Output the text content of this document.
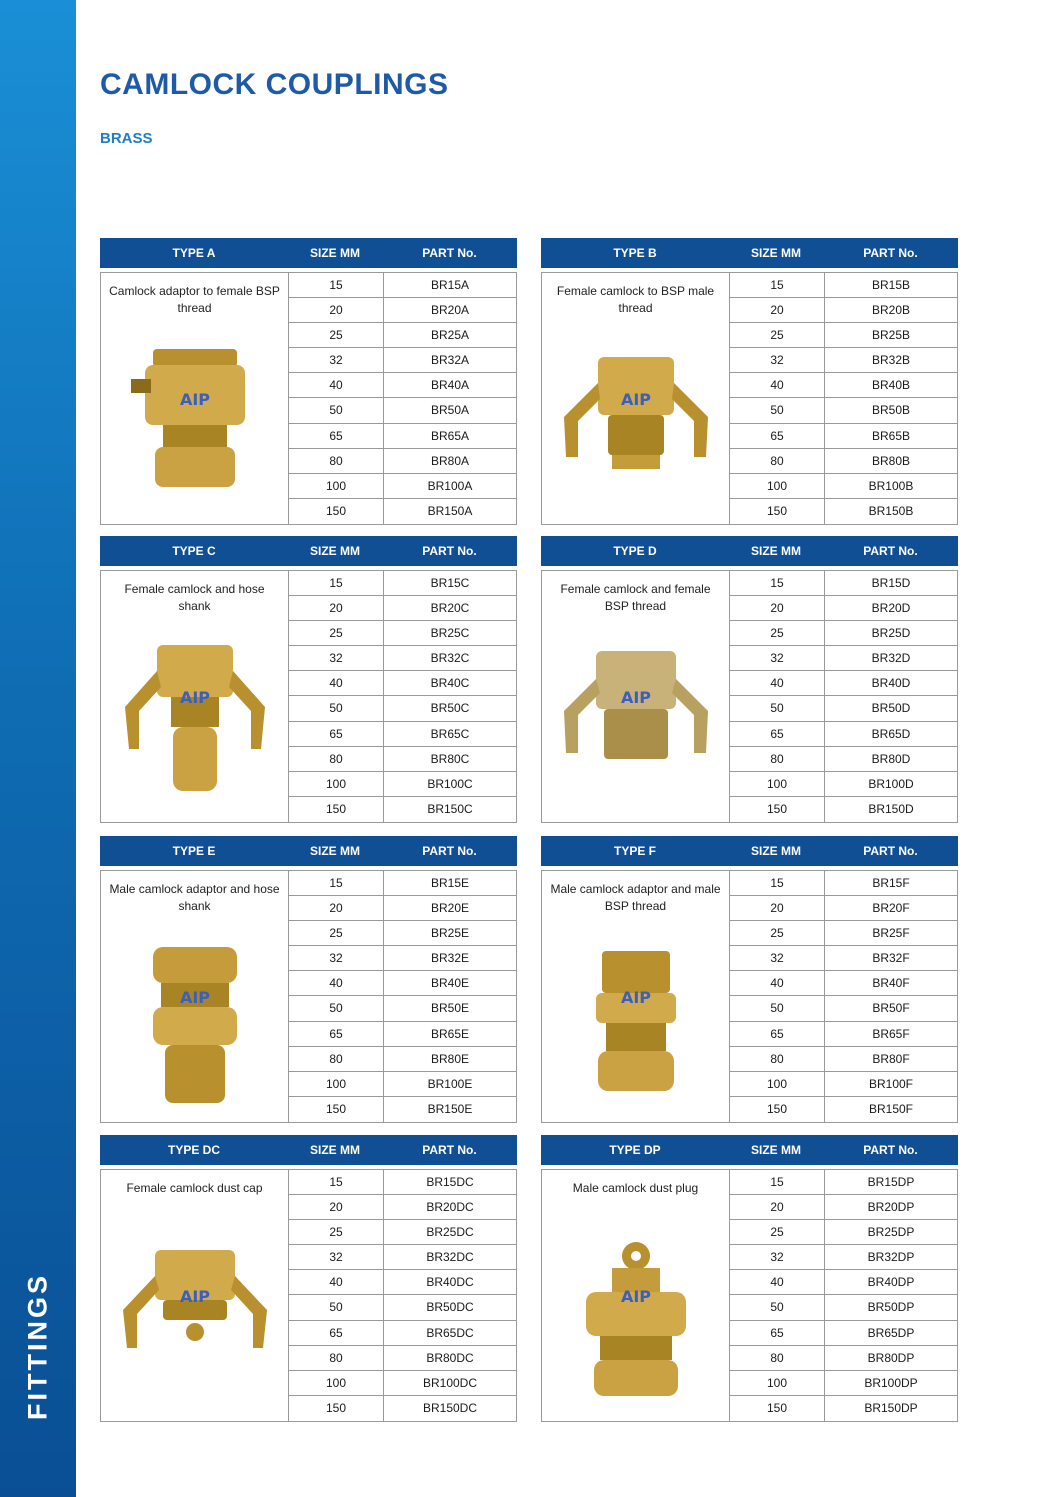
FITTINGS
CAMLOCK COUPLINGS
BRASS
TYPE A	SIZE MM	PART No.
Camlock adaptor to female BSP thread
AIP
15	BR15A
20	BR20A
25	BR25A
32	BR32A
40	BR40A
50	BR50A
65	BR65A
80	BR80A
100	BR100A
150	BR150A
TYPE B	SIZE MM	PART No.
Female camlock to BSP male thread
AIP
15	BR15B
20	BR20B
25	BR25B
32	BR32B
40	BR40B
50	BR50B
65	BR65B
80	BR80B
100	BR100B
150	BR150B
TYPE C	SIZE MM	PART No.
Female camlock and hose shank
AIP
15	BR15C
20	BR20C
25	BR25C
32	BR32C
40	BR40C
50	BR50C
65	BR65C
80	BR80C
100	BR100C
150	BR150C
TYPE D	SIZE MM	PART No.
Female camlock and female BSP thread
AIP
15	BR15D
20	BR20D
25	BR25D
32	BR32D
40	BR40D
50	BR50D
65	BR65D
80	BR80D
100	BR100D
150	BR150D
TYPE E	SIZE MM	PART No.
Male camlock adaptor and hose shank
AIP
15	BR15E
20	BR20E
25	BR25E
32	BR32E
40	BR40E
50	BR50E
65	BR65E
80	BR80E
100	BR100E
150	BR150E
TYPE F	SIZE MM	PART No.
Male camlock adaptor and male BSP thread
AIP
15	BR15F
20	BR20F
25	BR25F
32	BR32F
40	BR40F
50	BR50F
65	BR65F
80	BR80F
100	BR100F
150	BR150F
TYPE DC	SIZE MM	PART No.
Female camlock dust cap
AIP
15	BR15DC
20	BR20DC
25	BR25DC
32	BR32DC
40	BR40DC
50	BR50DC
65	BR65DC
80	BR80DC
100	BR100DC
150	BR150DC
TYPE DP	SIZE MM	PART No.
Male camlock dust plug
AIP
15	BR15DP
20	BR20DP
25	BR25DP
32	BR32DP
40	BR40DP
50	BR50DP
65	BR65DP
80	BR80DP
100	BR100DP
150	BR150DP
